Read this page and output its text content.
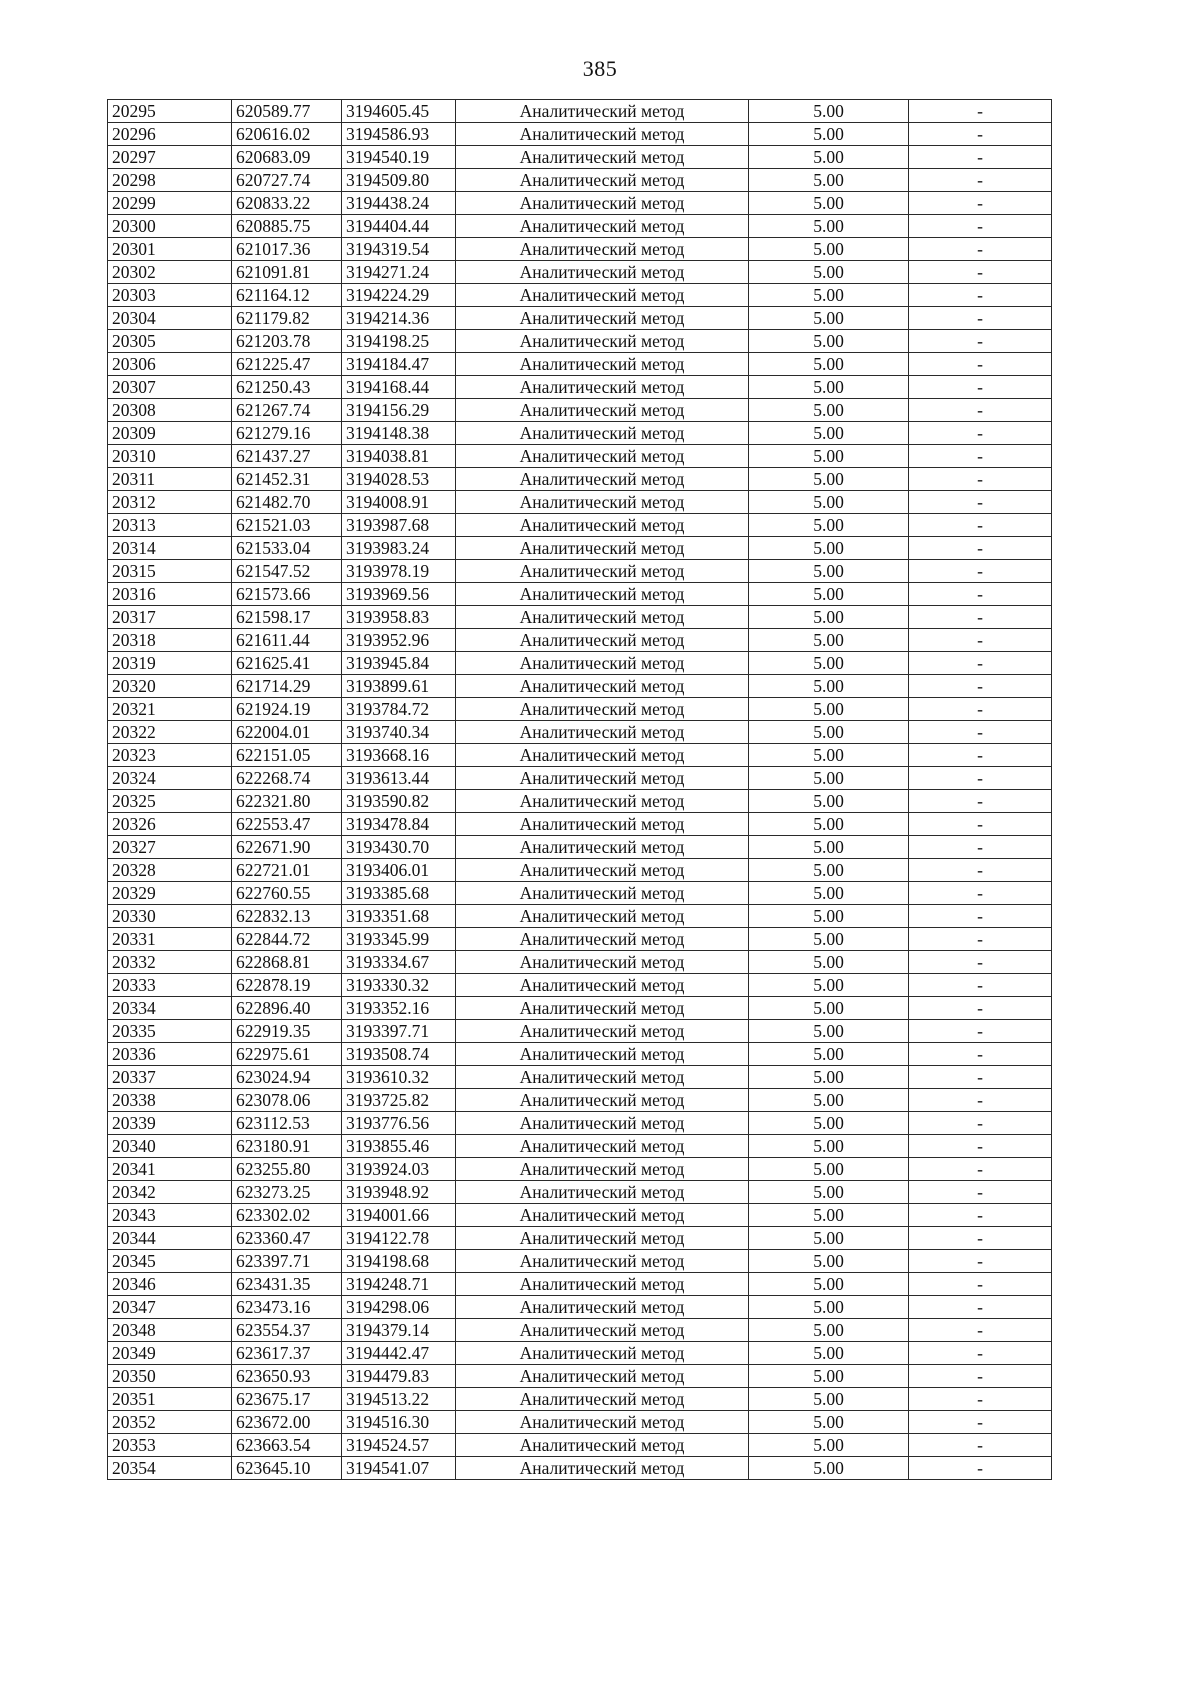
385
20295	620589.77	3194605.45	Аналитический метод	5.00	-
20296	620616.02	3194586.93	Аналитический метод	5.00	-
20297	620683.09	3194540.19	Аналитический метод	5.00	-
20298	620727.74	3194509.80	Аналитический метод	5.00	-
20299	620833.22	3194438.24	Аналитический метод	5.00	-
20300	620885.75	3194404.44	Аналитический метод	5.00	-
20301	621017.36	3194319.54	Аналитический метод	5.00	-
20302	621091.81	3194271.24	Аналитический метод	5.00	-
20303	621164.12	3194224.29	Аналитический метод	5.00	-
20304	621179.82	3194214.36	Аналитический метод	5.00	-
20305	621203.78	3194198.25	Аналитический метод	5.00	-
20306	621225.47	3194184.47	Аналитический метод	5.00	-
20307	621250.43	3194168.44	Аналитический метод	5.00	-
20308	621267.74	3194156.29	Аналитический метод	5.00	-
20309	621279.16	3194148.38	Аналитический метод	5.00	-
20310	621437.27	3194038.81	Аналитический метод	5.00	-
20311	621452.31	3194028.53	Аналитический метод	5.00	-
20312	621482.70	3194008.91	Аналитический метод	5.00	-
20313	621521.03	3193987.68	Аналитический метод	5.00	-
20314	621533.04	3193983.24	Аналитический метод	5.00	-
20315	621547.52	3193978.19	Аналитический метод	5.00	-
20316	621573.66	3193969.56	Аналитический метод	5.00	-
20317	621598.17	3193958.83	Аналитический метод	5.00	-
20318	621611.44	3193952.96	Аналитический метод	5.00	-
20319	621625.41	3193945.84	Аналитический метод	5.00	-
20320	621714.29	3193899.61	Аналитический метод	5.00	-
20321	621924.19	3193784.72	Аналитический метод	5.00	-
20322	622004.01	3193740.34	Аналитический метод	5.00	-
20323	622151.05	3193668.16	Аналитический метод	5.00	-
20324	622268.74	3193613.44	Аналитический метод	5.00	-
20325	622321.80	3193590.82	Аналитический метод	5.00	-
20326	622553.47	3193478.84	Аналитический метод	5.00	-
20327	622671.90	3193430.70	Аналитический метод	5.00	-
20328	622721.01	3193406.01	Аналитический метод	5.00	-
20329	622760.55	3193385.68	Аналитический метод	5.00	-
20330	622832.13	3193351.68	Аналитический метод	5.00	-
20331	622844.72	3193345.99	Аналитический метод	5.00	-
20332	622868.81	3193334.67	Аналитический метод	5.00	-
20333	622878.19	3193330.32	Аналитический метод	5.00	-
20334	622896.40	3193352.16	Аналитический метод	5.00	-
20335	622919.35	3193397.71	Аналитический метод	5.00	-
20336	622975.61	3193508.74	Аналитический метод	5.00	-
20337	623024.94	3193610.32	Аналитический метод	5.00	-
20338	623078.06	3193725.82	Аналитический метод	5.00	-
20339	623112.53	3193776.56	Аналитический метод	5.00	-
20340	623180.91	3193855.46	Аналитический метод	5.00	-
20341	623255.80	3193924.03	Аналитический метод	5.00	-
20342	623273.25	3193948.92	Аналитический метод	5.00	-
20343	623302.02	3194001.66	Аналитический метод	5.00	-
20344	623360.47	3194122.78	Аналитический метод	5.00	-
20345	623397.71	3194198.68	Аналитический метод	5.00	-
20346	623431.35	3194248.71	Аналитический метод	5.00	-
20347	623473.16	3194298.06	Аналитический метод	5.00	-
20348	623554.37	3194379.14	Аналитический метод	5.00	-
20349	623617.37	3194442.47	Аналитический метод	5.00	-
20350	623650.93	3194479.83	Аналитический метод	5.00	-
20351	623675.17	3194513.22	Аналитический метод	5.00	-
20352	623672.00	3194516.30	Аналитический метод	5.00	-
20353	623663.54	3194524.57	Аналитический метод	5.00	-
20354	623645.10	3194541.07	Аналитический метод	5.00	-
